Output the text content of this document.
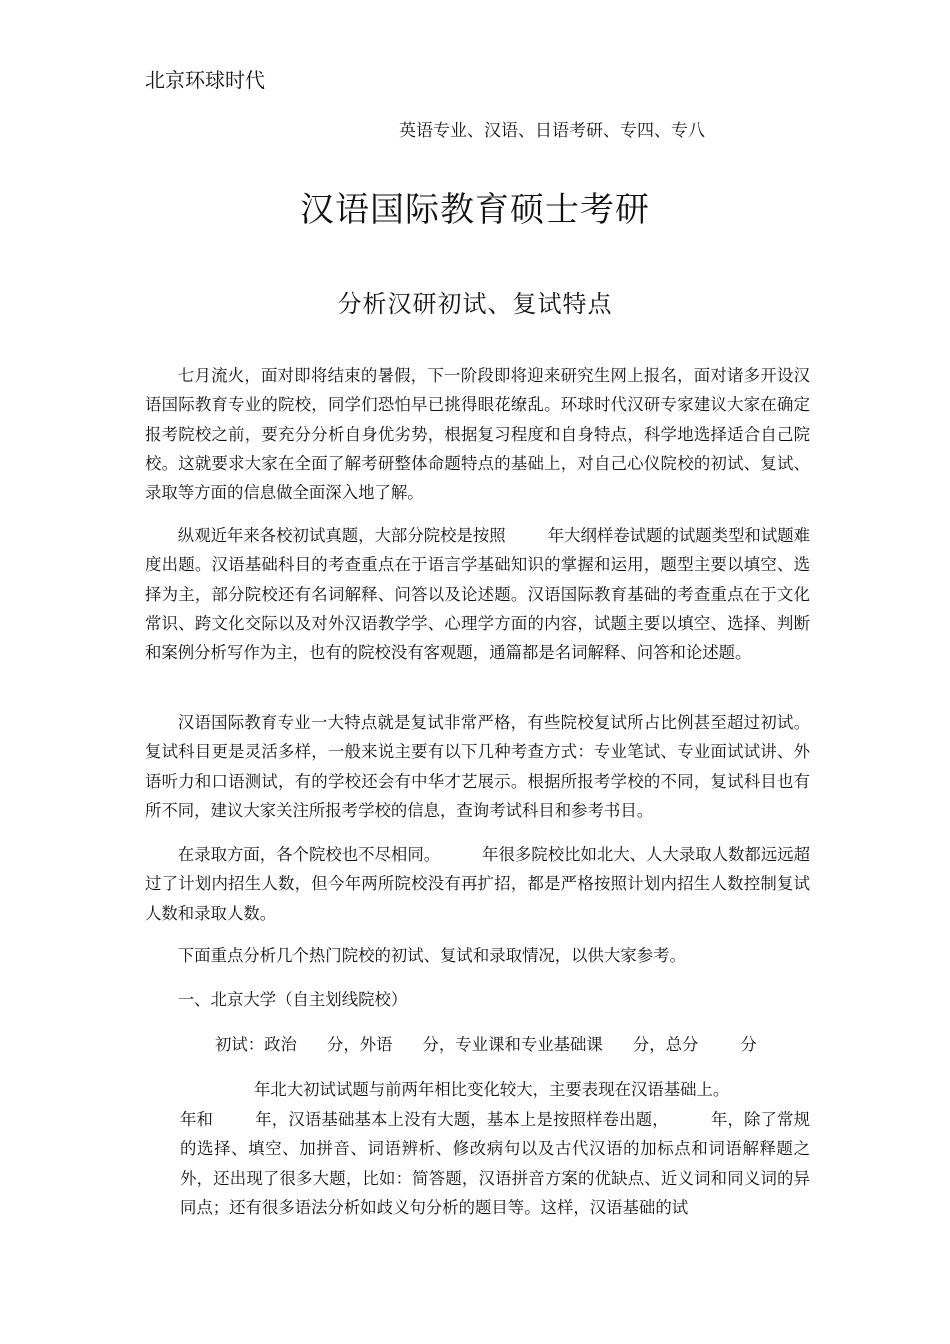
北京环球时代
英语专业、汉语、日语考研、专四、专八
汉语国际教育硕士考研
分析汉研初试、复试特点

七月流火，面对即将结束的暑假，下一阶段即将迎来研究生网上报名，面对诸多开设汉语国际教育专业的院校，同学们恐怕早已挑得眼花缭乱。环球时代汉研专家建议大家在确定报考院校之前，要充分分析自身优劣势，根据复习程度和自身特点，科学地选择适合自己院校。这就要求大家在全面了解考研整体命题特点的基础上，对自己心仪院校的初试、复试、录取等方面的信息做全面深入地了解。

纵观近年来各校初试真题，大部分院校是按照	年大纲样卷试题的试题类型和试题难度出题。汉语基础科目的考查重点在于语言学基础知识的掌握和运用，题型主要以填空、选择为主，部分院校还有名词解释、问答以及论述题。汉语国际教育基础的考查重点在于文化常识、跨文化交际以及对外汉语教学学、心理学方面的内容，试题主要以填空、选择、判断和案例分析写作为主，也有的院校没有客观题，通篇都是名词解释、问答和论述题。

汉语国际教育专业一大特点就是复试非常严格，有些院校复试所占比例甚至超过初试。复试科目更是灵活多样，一般来说主要有以下几种考查方式：专业笔试、专业面试试讲、外语听力和口语测试，有的学校还会有中华才艺展示。根据所报考学校的不同，复试科目也有所不同，建议大家关注所报考学校的信息，查询考试科目和参考书目。

在录取方面，各个院校也不尽相同。	年很多院校比如北大、人大录取人数都远远超过了计划内招生人数，但今年两所院校没有再扩招，都是严格按照计划内招生人数控制复试人数和录取人数。

下面重点分析几个热门院校的初试、复试和录取情况，以供大家参考。

一、北京大学（自主划线院校）

初试：政治 分，外语 分，专业课和专业基础课 分，总分	分
年北大初试试题与前两年相比变化较大，主要表现在汉语基础上。

年和	年，汉语基础基本上没有大题，基本上是按照样卷出题，	年，除了常规的选择、填空、加拼音、词语辨析、修改病句以及古代汉语的加标点和词语解释题之外，还出现了很多大题，比如：简答题，汉语拼音方案的优缺点、近义词和同义词的异同点；还有很多语法分析如歧义句分析的题目等。这样，汉语基础的试
